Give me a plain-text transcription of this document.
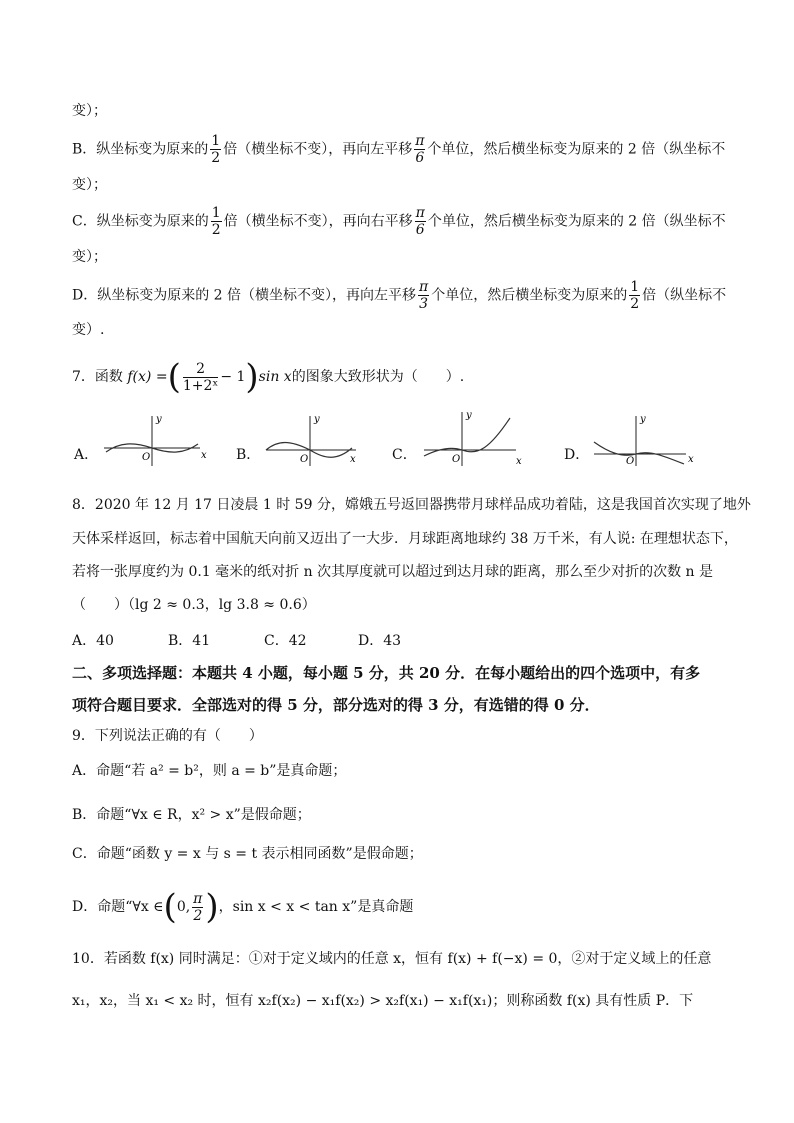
变）；
B．纵坐标变为原来的 $\frac{1}{2}$ 倍（横坐标不变），再向左平移 $\frac{\pi}{6}$ 个单位，然后横坐标变为原来的 2 倍（纵坐标不
变）；
C．纵坐标变为原来的 $\frac{1}{2}$ 倍（横坐标不变），再向右平移 $\frac{\pi}{6}$ 个单位，然后横坐标变为原来的 2 倍（纵坐标不
变）；
D．纵坐标变为原来的 2 倍（横坐标不变），再向左平移 $\frac{\pi}{3}$ 个单位，然后横坐标变为原来的 $\frac{1}{2}$ 倍（纵坐标不
变）.
7．函数 f(x) =( $\frac{2}{\text{1+2ˣ}} - 1)\sin$ x的图象大致形状为（　　）.
y
O	x
A．
y
O	x
B．
y
O	x
C．
y
O	x
D．
8．2020 年 12 月 17 日凌晨 1 时 59 分，嫦娥五号返回器携带月球样品成功着陆，这是我国首次实现了地外
天体采样返回，标志着中国航天向前又迈出了一大步．月球距离地球约 38 万千米，有人说: 在理想状态下，
若将一张厚度约为 0.1 毫米的纸对折 n 次其厚度就可以超过到达月球的距离，那么至少对折的次数 n 是
（　　）（lg 2 ≈ 0.3，lg 3.8 ≈ 0.6）
A．40	B．41	C．42	D．43
二、多项选择题：本题共 4 小题，每小题 5 分，共 20 分．在每小题给出的四个选项中，有多
项符合题目要求．全部选对的得 5 分，部分选对的得 3 分，有选错的得 0 分．
9．下列说法正确的有（　　）
A．命题“若 a² = b²，则 a = b”是真命题；
B．命题“∀x ∈ R，x² > x”是假命题；
C．命题“函数 y = x 与 s = t 表示相同函数”是假命题；
D．命题“∀x ∈(0, $\frac{\pi}{2}$ )，sin x < x < tan x”是真命题
10．若函数 f(x) 同时满足：①对于定义域内的任意 x，恒有 f(x) + f(−x) = 0，②对于定义域上的任意
x₁，x₂，当 x₁ < x₂ 时，恒有 x₂f(x₂) − x₁f(x₂) > x₂f(x₁) − x₁f(x₁)；则称函数 f(x) 具有性质 P．下
